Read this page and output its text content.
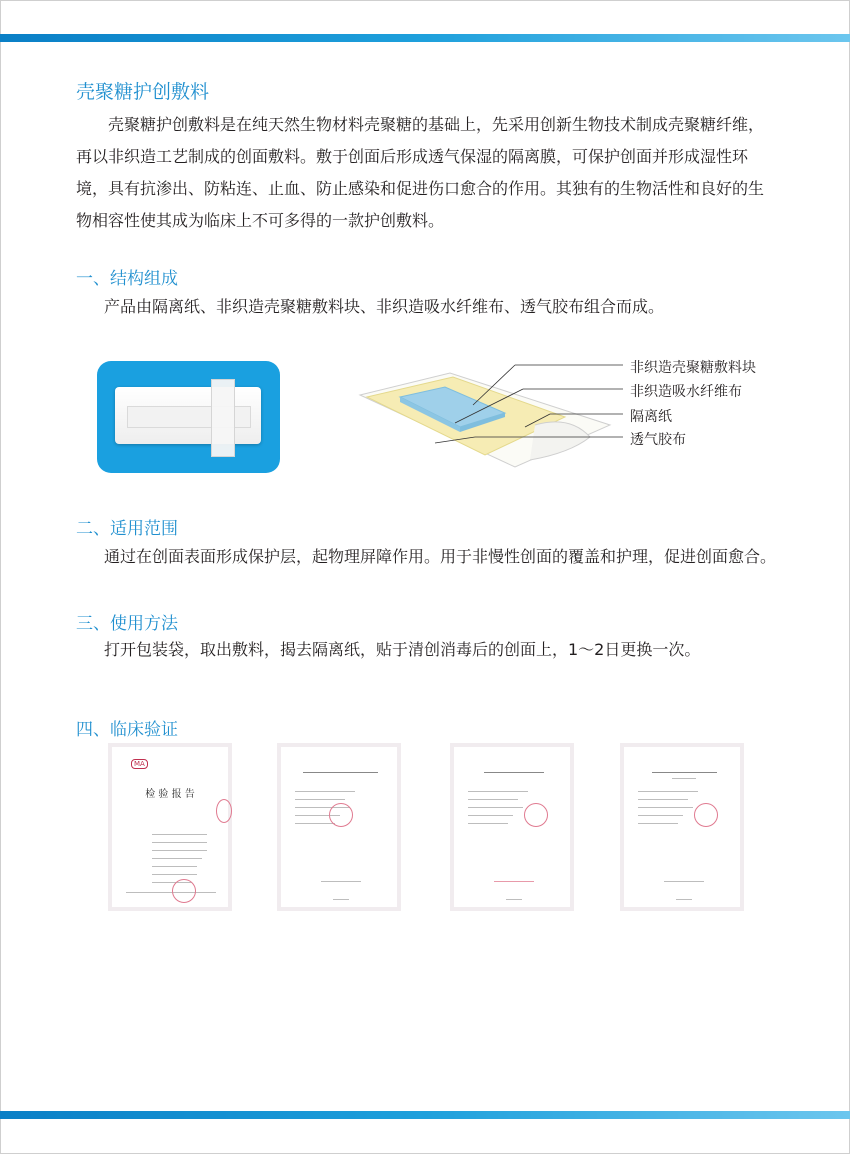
壳聚糖护创敷料
壳聚糖护创敷料是在纯天然生物材料壳聚糖的基础上，先采用创新生物技术制成壳聚糖纤维，再以非织造工艺制成的创面敷料。敷于创面后形成透气保湿的隔离膜，可保护创面并形成湿性环境，具有抗渗出、防粘连、止血、防止感染和促进伤口愈合的作用。其独有的生物活性和良好的生物相容性使其成为临床上不可多得的一款护创敷料。
一、结构组成
产品由隔离纸、非织造壳聚糖敷料块、非织造吸水纤维布、透气胶布组合而成。
非织造壳聚糖敷料块
非织造吸水纤维布
隔离纸
透气胶布
二、适用范围
通过在创面表面形成保护层，起物理屏障作用。用于非慢性创面的覆盖和护理，促进创面愈合。
三、使用方法
打开包装袋，取出敷料，揭去隔离纸，贴于清创消毒后的创面上，1～2日更换一次。
四、临床验证
MA
检 验 报 告
